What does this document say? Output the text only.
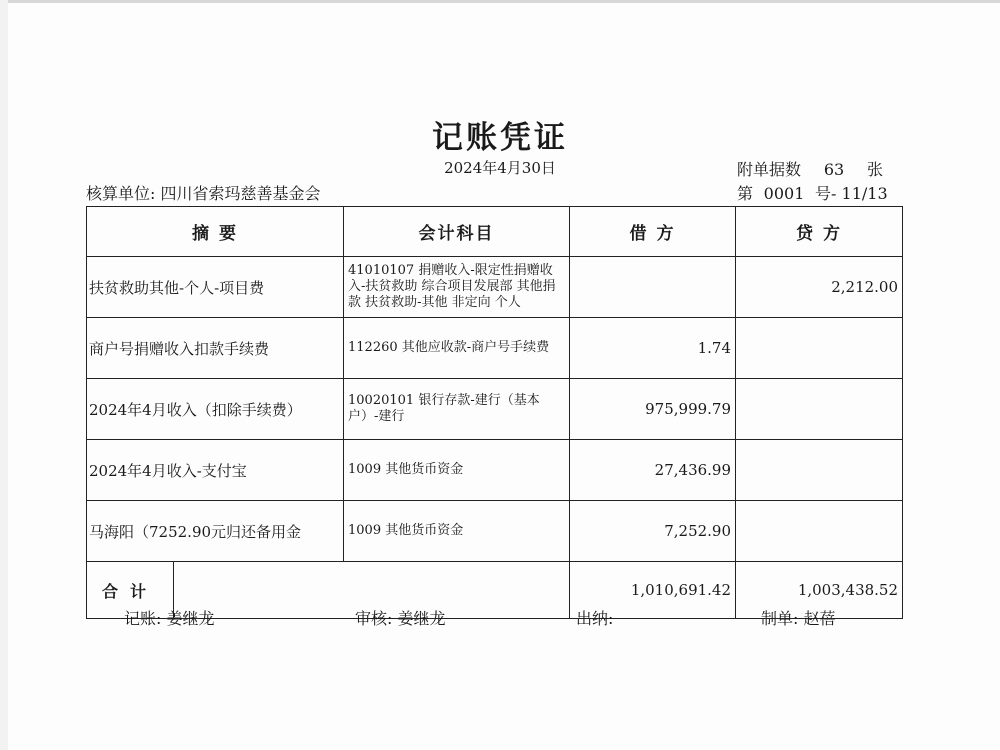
记账凭证
2024年4月30日	附单据数 63 张
核算单位: 四川省索玛慈善基金会	第 0001 号- 11/13
摘 要		会计科目	借 方	贷 方
扶贫救助其他-个人-项目费		41010107 捐赠收入-限定性捐赠收入-扶贫救助 综合项目发展部 其他捐款 扶贫救助-其他 非定向 个人		2,212.00
商户号捐赠收入扣款手续费		112260 其他应收款-商户号手续费	1.74	
2024年4月收入（扣除手续费）		10020101 银行存款-建行（基本户）-建行	975,999.79	
2024年4月收入-支付宝		1009 其他货币资金	27,436.99	
马海阳（7252.90元归还备用金		1009 其他货币资金	7,252.90	
合计			1,010,691.42	1,003,438.52
记账: 姜继龙	审核: 姜继龙	出纳:	制单: 赵蓓
